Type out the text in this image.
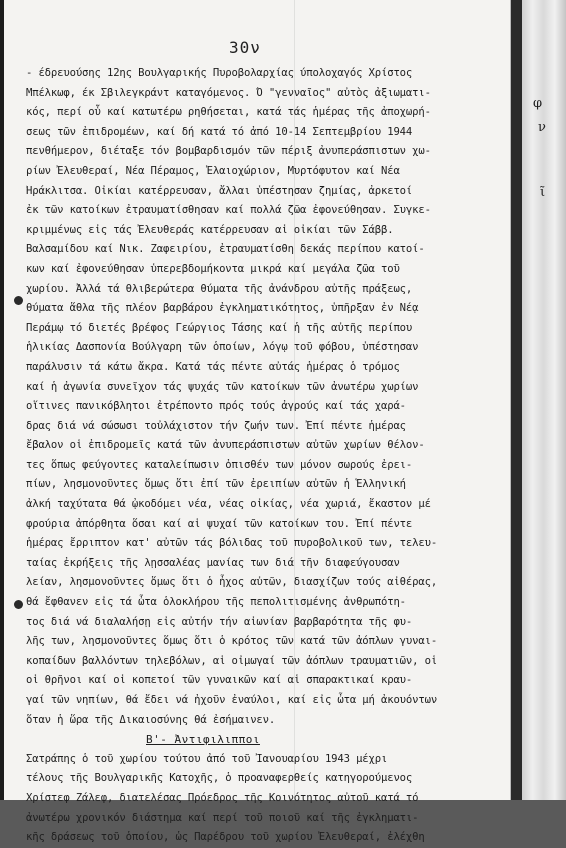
φ
ν
ῖ
30ν
- έδρευούσης 12ης Βουλγαρικής Πυροβολαρχίας ύπολοχαγός Χρίστος
Μπέλκωφ, έκ Σβιλεγκράντ καταγόμενος. Ό "γενναῖος" αὐτὸς ἀξιωματι-
κός, περί οὗ καί κατωτέρω ρηθήσεται, κατά τάς ἡμέρας τῆς ἀποχωρή-
σεως τῶν ἐπιδρομέων, καί δή κατά τό ἀπό 10-14 Σεπτεμβρίου 1944
πενθήμερον, διέταξε τόν βομβαρδισμόν τῶν πέριξ ἀνυπεράσπιστων χω-
ρίων Ἐλευθεραί, Νέα Πέραμος, Ἐλαιοχώριον, Μυρτόφυτον καί Νέα
Ἡράκλιτσα. Οἰκίαι κατέρρευσαν, ἄλλαι ὑπέστησαν ζημίας, ἀρκετοί
ἐκ τῶν κατοίκων ἐτραυματίσθησαν καί πολλά ζῶα ἐφονεύθησαν. Συγκε-
κριμμένως εἰς τάς Ἐλευθεράς κατέρρευσαν αἱ οἰκίαι τῶν Σάββ.
Βαλσαμίδου καί Νικ. Ζαφειρίου, ἐτραυματίσθη δεκάς περίπου κατοί-
κων καί ἐφονεύθησαν ὑπερεβδομήκοντα μικρά καί μεγάλα ζῶα τοῦ
χωρίου. Ἀλλά τά θλιβερώτερα θύματα τῆς ἀνάνδρου αὐτῆς πράξεως,
θύματα ἅθλα τῆς πλέον βαρβάρου ἐγκληματικότητος, ὑπῆρξαν ἐν Νέᾳ
Περάμῳ τό διετές βρέφος Γεώργιος Τάσης καί ἡ τῆς αὐτῆς περίπου
ἡλικίας Δασπονία Βούλγαρη τῶν ὁποίων, λόγῳ τοῦ φόβου, ὑπέστησαν
παράλυσιν τά κάτω ἄκρα. Κατά τάς πέντε αὐτάς ἡμέρας ὁ τρόμος
καί ἡ ἀγωνία συνεῖχον τάς ψυχάς τῶν κατοίκων τῶν ἀνωτέρω χωρίων
οἵτινες πανικόβλητοι ἐτρέποντο πρός τούς ἀγρούς καί τάς χαρά-
δρας διά νά σώσωσι τοὐλάχιστον τήν ζωήν των. Ἐπί πέντε ἡμέρας
ἔβαλον οἱ ἐπιδρομεῖς κατά τῶν ἀνυπεράσπιστων αὐτῶν χωρίων θέλον-
τες ὅπως φεύγοντες καταλείπωσιν ὀπισθέν των μόνον σωρούς ἐρει-
πίων, λησμονοῦντες ὅμως ὅτι ἐπί τῶν ἐρειπίων αὐτῶν ἡ Ἑλληνική
ἀλκή ταχύτατα θά ᾠκοδόμει νέα, νέας οἰκίας, νέα χωριά, ἔκαστον μέ
φρούρια ἀπόρθητα ὅσαι καί αἱ ψυχαί τῶν κατοίκων του. Ἐπί πέντε
ἡμέρας ἔρριπτον κατ' αὐτῶν τάς βόλιδας τοῦ πυροβολικοῦ των, τελευ-
ταίας ἐκρήξεις τῆς λῃσσαλέας μανίας των διά τῆν διαφεύγουσαν
λείαν, λησμονοῦντες ὅμως ὅτι ὁ ἦχος αὐτῶν, διασχίζων τούς αἰθέρας,
θά ἔφθανεν εἰς τά ὦτα ὁλοκλήρου τῆς πεπολιτισμένης ἀνθρωπότη-
τος διά νά διαλαλήσῃ εἰς αὐτήν τήν αἰωνίαν βαρβαρότητα τῆς φυ-
λῆς των, λησμονοῦντες ὅμως ὅτι ὁ κρότος τῶν κατά τῶν ἀόπλων γυναι-
κοπαίδων βαλλόντων τηλεβόλων, αἱ οἰμωγαί τῶν ἀόπλων τραυματιῶν, οἱ
οἱ θρῆνοι καί οἱ κοπετοί τῶν γυναικῶν καί αἱ σπαρακτικαί κραυ-
γαί τῶν νηπίων, θά ἔδει νά ἠχοῦν ἐναύλοι, καί εἰς ὦτα μή ἀκουόντων
ὅταν ἡ ὥρα τῆς Δικαιοσύνης θά ἐσήμαινεν.
Β'- Ἀντιφιλιπποι
Σατράπης ὁ τοῦ χωρίου τούτου ἀπό τοῦ Ἰανουαρίου 1943 μέχρι
τέλους τῆς Βουλγαρικῆς Κατοχῆς, ὁ προαναφερθείς κατηγορούμενος
Χρίστεφ Ζάλεφ, διατελέσας Πρόεδρος τῆς Κοινότητος αὐτοῦ κατά τό
ἀνωτέρω χρονικόν διάστημα καί περί τοῦ ποιοῦ καί τῆς ἐγκληματι-
κῆς δράσεως τοῦ ὁποίου, ὡς Παρέδρου τοῦ χωρίου Ἐλευθεραί, ἐλέχθη
